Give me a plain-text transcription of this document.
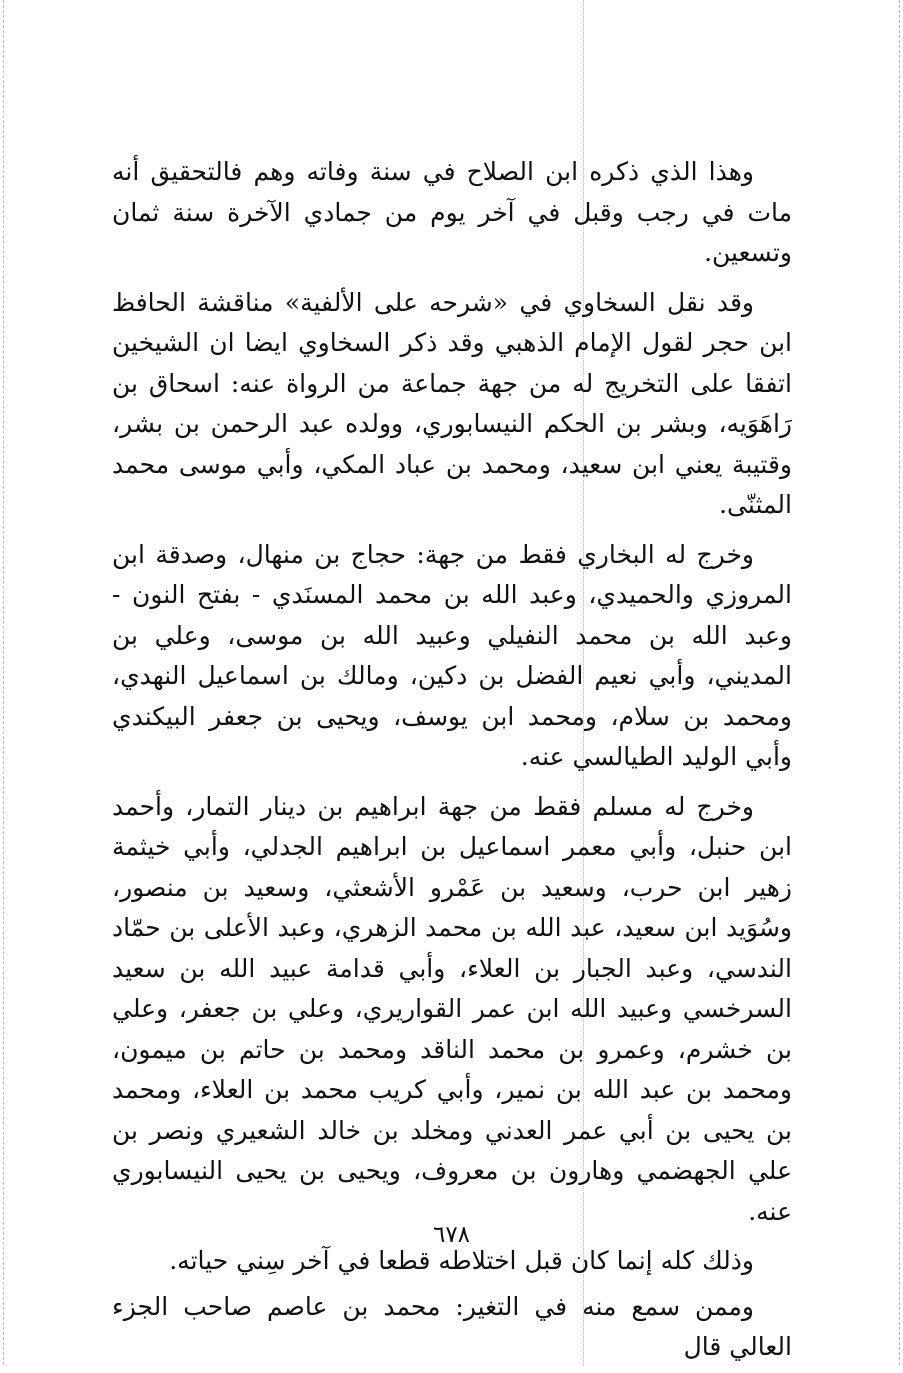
وهذا الذي ذكره ابن الصلاح في سنة وفاته وهم فالتحقيق أنه مات في رجب وقبل في آخر يوم من جمادي الآخرة سنة ثمان وتسعين.

وقد نقل السخاوي في «شرحه على الألفية» مناقشة الحافظ ابن حجر لقول الإمام الذهبي وقد ذكر السخاوي ايضا ان الشيخين اتفقا على التخريج له من جهة جماعة من الرواة عنه: اسحاق بن رَاهَوَيه، وبشر بن الحكم النيسابوري، وولده عبد الرحمن بن بشر، وقتيبة يعني ابن سعيد، ومحمد بن عباد المكي، وأبي موسى محمد المثنّى.

وخرج له البخاري فقط من جهة: حجاج بن منهال، وصدقة ابن المروزي والحميدي، وعبد الله بن محمد المسنَدي - بفتح النون - وعبد الله بن محمد النفيلي وعبيد الله بن موسى، وعلي بن المديني، وأبي نعيم الفضل بن دكين، ومالك بن اسماعيل النهدي، ومحمد بن سلام، ومحمد ابن يوسف، ويحيى بن جعفر البيكندي وأبي الوليد الطيالسي عنه.

وخرج له مسلم فقط من جهة ابراهيم بن دينار التمار، وأحمد ابن حنبل، وأبي معمر اسماعيل بن ابراهيم الجدلي، وأبي خيثمة زهير ابن حرب، وسعيد بن عَمْرو الأشعثي، وسعيد بن منصور، وسُوَيد ابن سعيد، عبد الله بن محمد الزهري، وعبد الأعلى بن حمّاد الندسي، وعبد الجبار بن العلاء، وأبي قدامة عبيد الله بن سعيد السرخسي وعبيد الله ابن عمر القواريري، وعلي بن جعفر، وعلي بن خشرم، وعمرو بن محمد الناقد ومحمد بن حاتم بن ميمون، ومحمد بن عبد الله بن نمير، وأبي كريب محمد بن العلاء، ومحمد بن يحيى بن أبي عمر العدني ومخلد بن خالد الشعيري ونصر بن علي الجهضمي وهارون بن معروف، ويحيى بن يحيى النيسابوري عنه.

وذلك كله إنما كان قبل اختلاطه قطعا في آخر سِني حياته.

وممن سمع منه في التغير: محمد بن عاصم صاحب الجزء العالي قال

٦٧٨
